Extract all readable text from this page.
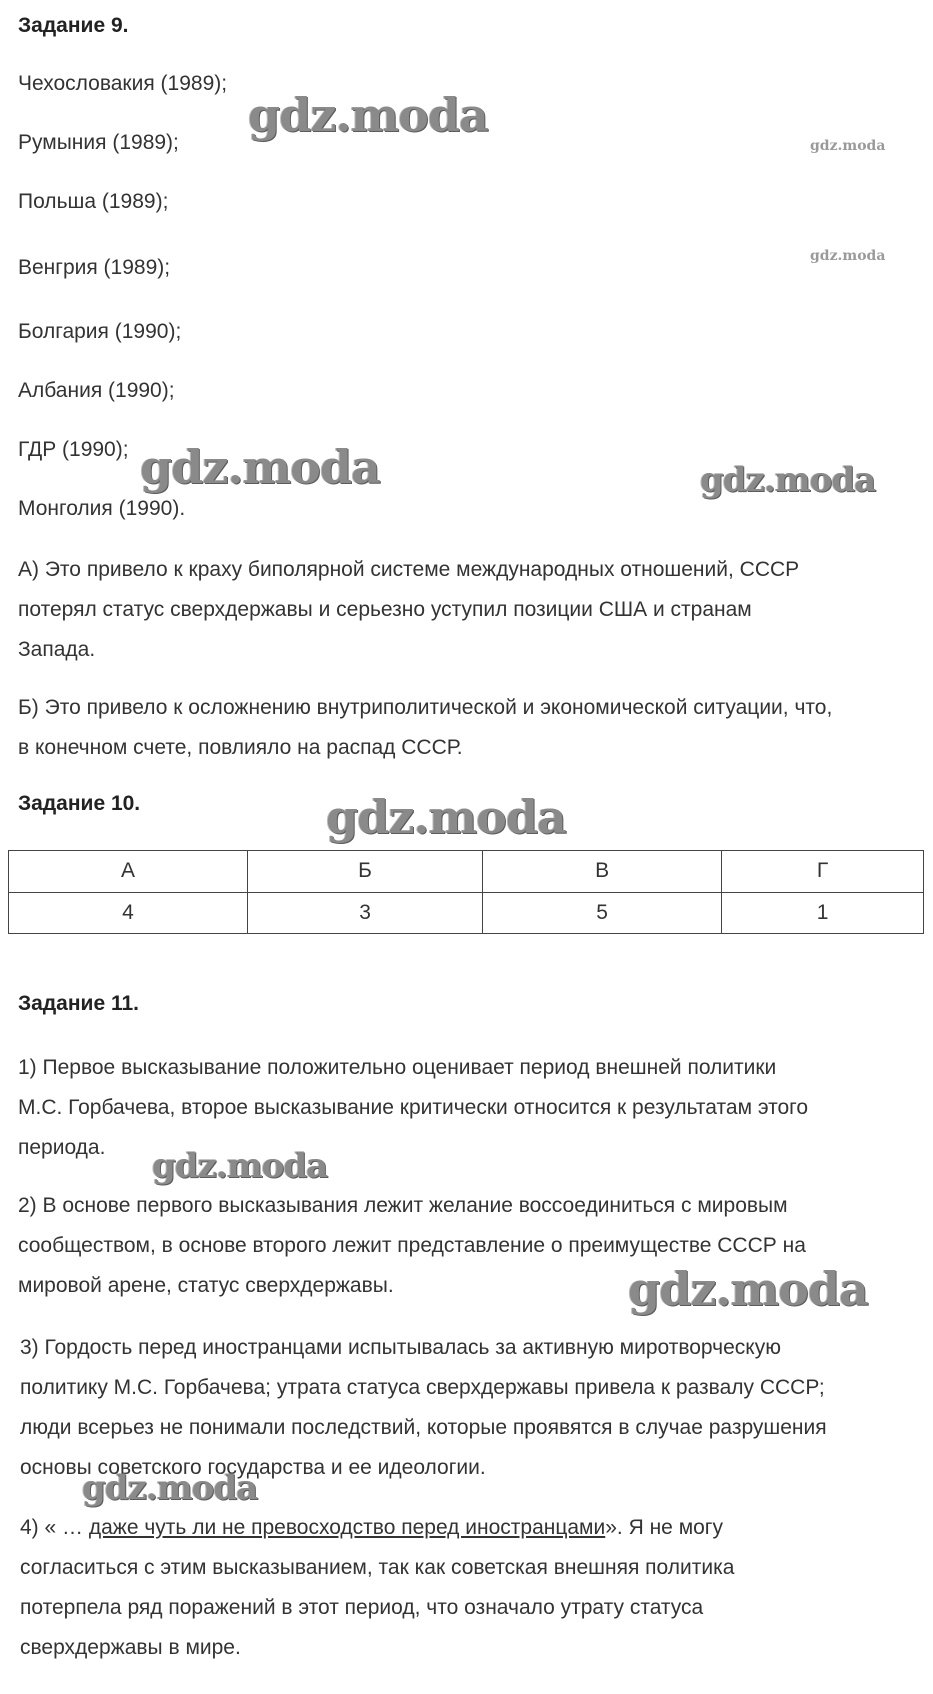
Задание 9.
Чехословакия (1989);
Румыния (1989);
Польша (1989);
Венгрия (1989);
Болгария (1990);
Албания (1990);
ГДР (1990);
Монголия (1990).
А) Это привело к краху биполярной системе международных отношений, СССР
потерял статус сверхдержавы и серьезно уступил позиции США и странам
Запада.
Б) Это привело к осложнению внутриполитической и экономической ситуации, что,
в конечном счете, повлияло на распад СССР.
Задание 10.
А	Б	В	Г
4	3	5	1
Задание 11.
1) Первое высказывание положительно оценивает период внешней политики
М.С. Горбачева, второе высказывание критически относится к результатам этого
периода.
2) В основе первого высказывания лежит желание воссоединиться с мировым
сообществом, в основе второго лежит представление о преимуществе СССР на
мировой арене, статус сверхдержавы.
3) Гордость перед иностранцами испытывалась за активную миротворческую
политику М.С. Горбачева; утрата статуса сверхдержавы привела к развалу СССР;
люди всерьез не понимали последствий, которые проявятся в случае разрушения
основы советского государства и ее идеологии.
4) « … даже чуть ли не превосходство перед иностранцами». Я не могу
согласиться с этим высказыванием, так как советская внешняя политика
потерпела ряд поражений в этот период, что означало утрату статуса
сверхдержавы в мире.
gdz.moda
gdz.moda
gdz.moda
gdz.moda	gdz.moda
gdz.moda
gdz.moda
gdz.moda
gdz.moda
